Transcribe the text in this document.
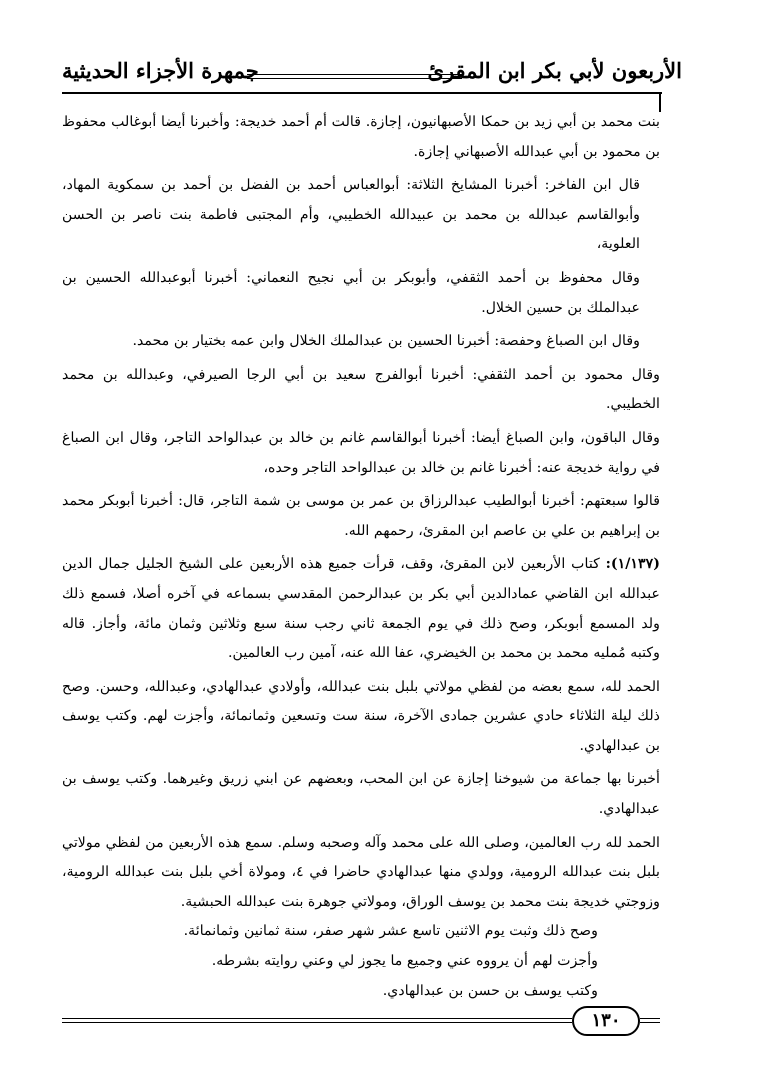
الأربعون لأبي بكر ابن المقرئ
جمهرة الأجزاء الحديثية

بنت محمد بن أبي زيد بن حمكا الأصبهانيون، إجازة. قالت أم أحمد خديجة: وأخبرنا أيضا أبوغالب محفوظ بن محمود بن أبي عبدالله الأصبهاني إجازة.

قال ابن الفاخر: أخبرنا المشايخ الثلاثة: أبوالعباس أحمد بن الفضل بن أحمد بن سمكوية المهاد، وأبوالقاسم عبدالله بن محمد بن عبيدالله الخطيبي، وأم المجتبى فاطمة بنت ناصر بن الحسن العلوية،

وقال محفوظ بن أحمد الثقفي، وأبوبكر بن أبي نجيح النعماني: أخبرنا أبوعبدالله الحسين بن عبدالملك بن حسين الخلال.

وقال ابن الصباغ وحفصة: أخبرنا الحسين بن عبدالملك الخلال وابن عمه بختيار بن محمد.

وقال محمود بن أحمد الثقفي: أخبرنا أبوالفرج سعيد بن أبي الرجا الصيرفي، وعبدالله بن محمد الخطيبي.

وقال الباقون، وابن الصباغ أيضا: أخبرنا أبوالقاسم غانم بن خالد بن عبدالواحد التاجر، وقال ابن الصباغ في رواية خديجة عنه: أخبرنا غانم بن خالد بن عبدالواحد التاجر وحده،

قالوا سبعتهم: أخبرنا أبوالطيب عبدالرزاق بن عمر بن موسى بن شمة التاجر، قال: أخبرنا أبوبكر محمد بن إبراهيم بن علي بن عاصم ابن المقرئ، رحمهم الله.

(١/١٣٧): كتاب الأربعين لابن المقرئ، وقف، قرأت جميع هذه الأربعين على الشيخ الجليل جمال الدين عبدالله ابن القاضي عمادالدين أبي بكر بن عبدالرحمن المقدسي بسماعه في آخره أصلا، فسمع ذلك ولد المسمع أبوبكر، وصح ذلك في يوم الجمعة ثاني رجب سنة سبع وثلاثين وثمان مائة، وأجاز. قاله وكتبه مُمليه محمد بن محمد بن الخيضري، عفا الله عنه، آمين رب العالمين.

الحمد لله، سمع بعضه من لفظي مولاتي بلبل بنت عبدالله، وأولادي عبدالهادي، وعبدالله، وحسن. وصح ذلك ليلة الثلاثاء حادي عشرين جمادى الآخرة، سنة ست وتسعين وثمانمائة، وأجزت لهم. وكتب يوسف بن عبدالهادي.

أخبرنا بها جماعة من شيوخنا إجازة عن ابن المحب، وبعضهم عن ابني زريق وغيرهما. وكتب يوسف بن عبدالهادي.

الحمد لله رب العالمين، وصلى الله على محمد وآله وصحبه وسلم. سمع هذه الأربعين من لفظي مولاتي بلبل بنت عبدالله الرومية، وولدي منها عبدالهادي حاضرا في ٤، ومولاة أخي بلبل بنت عبدالله الرومية، وزوجتي خديجة بنت محمد بن يوسف الوراق، ومولاتي جوهرة بنت عبدالله الحبشية.

وصح ذلك وثبت يوم الاثنين تاسع عشر شهر صفر، سنة ثمانين وثمانمائة.

وأجزت لهم أن يرووه عني وجميع ما يجوز لي وعني روايته بشرطه.

وكتب يوسف بن حسن بن عبدالهادي.

١٣٠
